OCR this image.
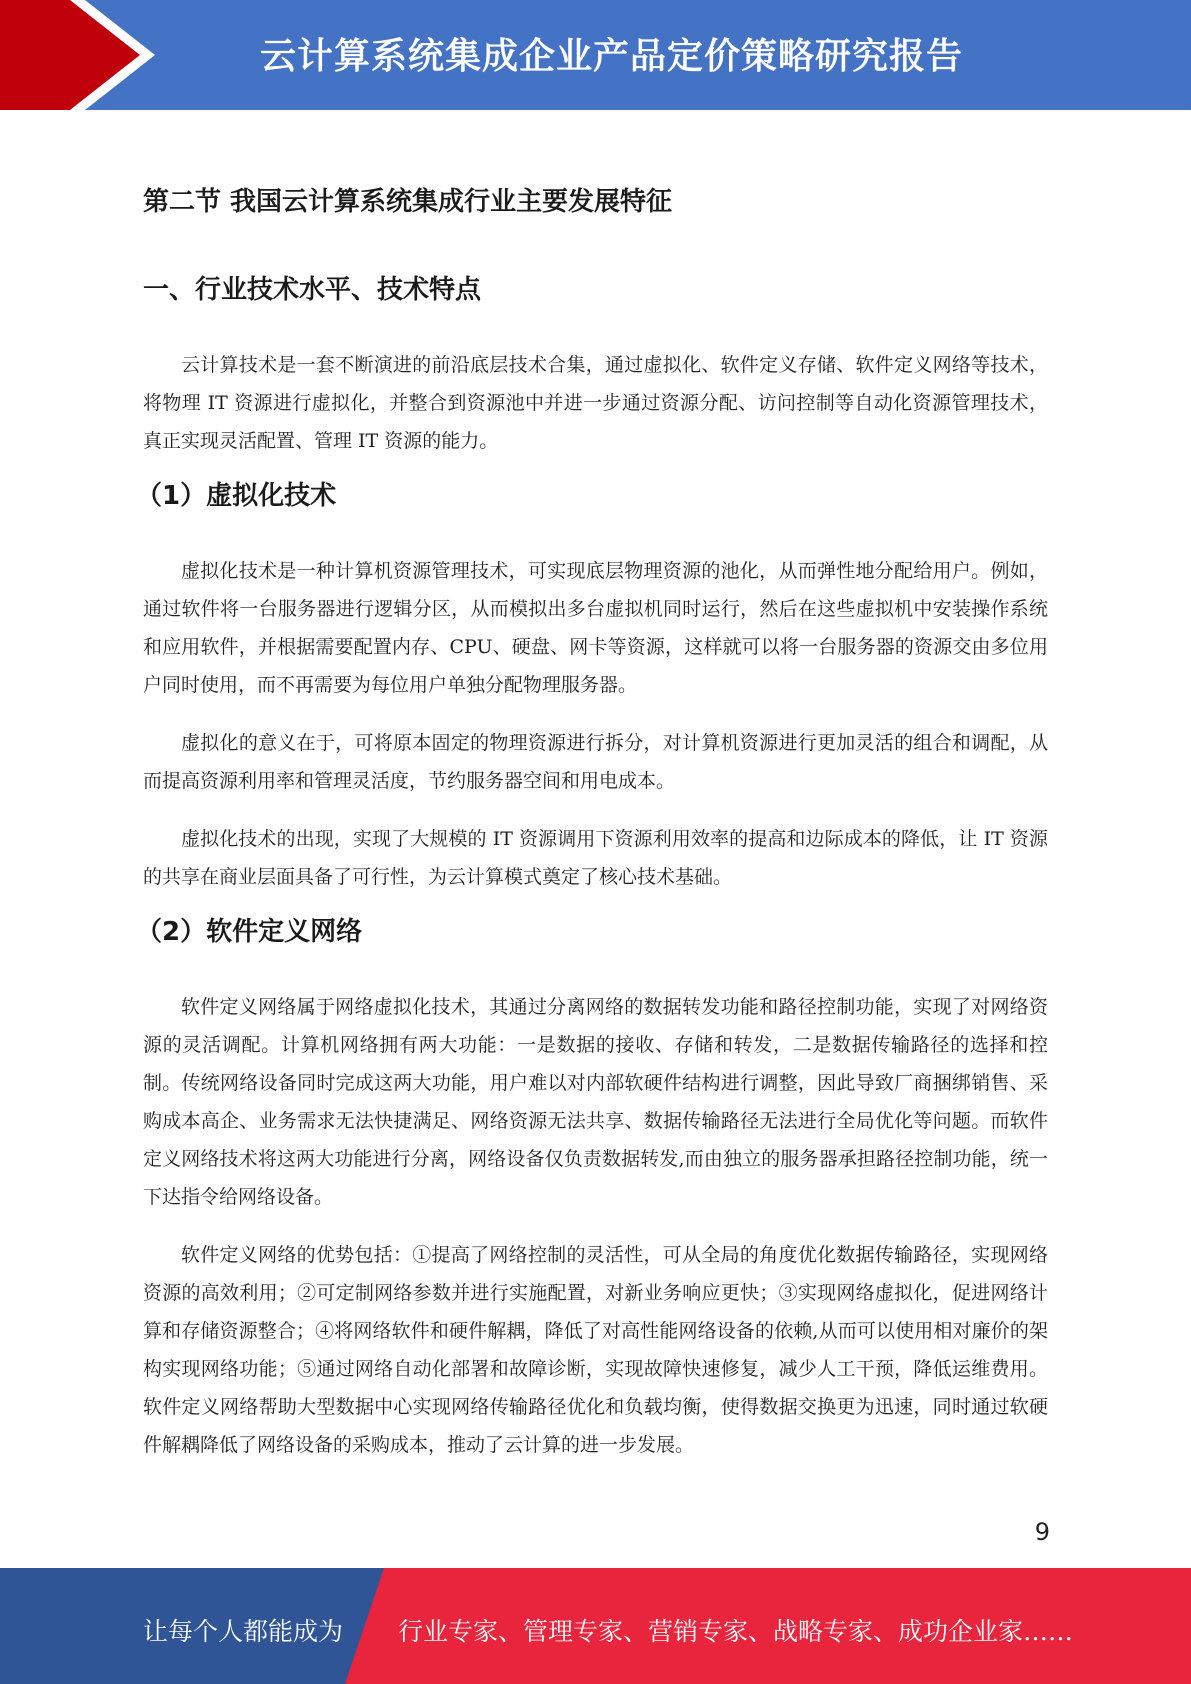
云计算系统集成企业产品定价策略研究报告
第二节 我国云计算系统集成行业主要发展特征
一、行业技术水平、技术特点

云计算技术是一套不断演进的前沿底层技术合集，通过虚拟化、软件定义存储、软件定义网络等技术，将物理 IT 资源进行虚拟化，并整合到资源池中并进一步通过资源分配、访问控制等自动化资源管理技术，真正实现灵活配置、管理 IT 资源的能力。

（1）虚拟化技术

虚拟化技术是一种计算机资源管理技术，可实现底层物理资源的池化，从而弹性地分配给用户。例如，通过软件将一台服务器进行逻辑分区，从而模拟出多台虚拟机同时运行，然后在这些虚拟机中安装操作系统和应用软件，并根据需要配置内存、CPU、硬盘、网卡等资源，这样就可以将一台服务器的资源交由多位用户同时使用，而不再需要为每位用户单独分配物理服务器。

虚拟化的意义在于，可将原本固定的物理资源进行拆分，对计算机资源进行更加灵活的组合和调配，从而提高资源利用率和管理灵活度，节约服务器空间和用电成本。

虚拟化技术的出现，实现了大规模的 IT 资源调用下资源利用效率的提高和边际成本的降低，让 IT 资源的共享在商业层面具备了可行性，为云计算模式奠定了核心技术基础。

（2）软件定义网络

软件定义网络属于网络虚拟化技术，其通过分离网络的数据转发功能和路径控制功能，实现了对网络资源的灵活调配。计算机网络拥有两大功能：一是数据的接收、存储和转发，二是数据传输路径的选择和控制。传统网络设备同时完成这两大功能，用户难以对内部软硬件结构进行调整，因此导致厂商捆绑销售、采购成本高企、业务需求无法快捷满足、网络资源无法共享、数据传输路径无法进行全局优化等问题。而软件定义网络技术将这两大功能进行分离，网络设备仅负责数据转发,而由独立的服务器承担路径控制功能，统一下达指令给网络设备。

软件定义网络的优势包括：①提高了网络控制的灵活性，可从全局的角度优化数据传输路径，实现网络资源的高效利用；②可定制网络参数并进行实施配置，对新业务响应更快；③实现网络虚拟化，促进网络计算和存储资源整合；④将网络软件和硬件解耦，降低了对高性能网络设备的依赖,从而可以使用相对廉价的架构实现网络功能；⑤通过网络自动化部署和故障诊断，实现故障快速修复，减少人工干预，降低运维费用。软件定义网络帮助大型数据中心实现网络传输路径优化和负载均衡，使得数据交换更为迅速，同时通过软硬件解耦降低了网络设备的采购成本，推动了云计算的进一步发展。

9
让每个人都能成为 行业专家、管理专家、营销专家、战略专家、成功企业家……
